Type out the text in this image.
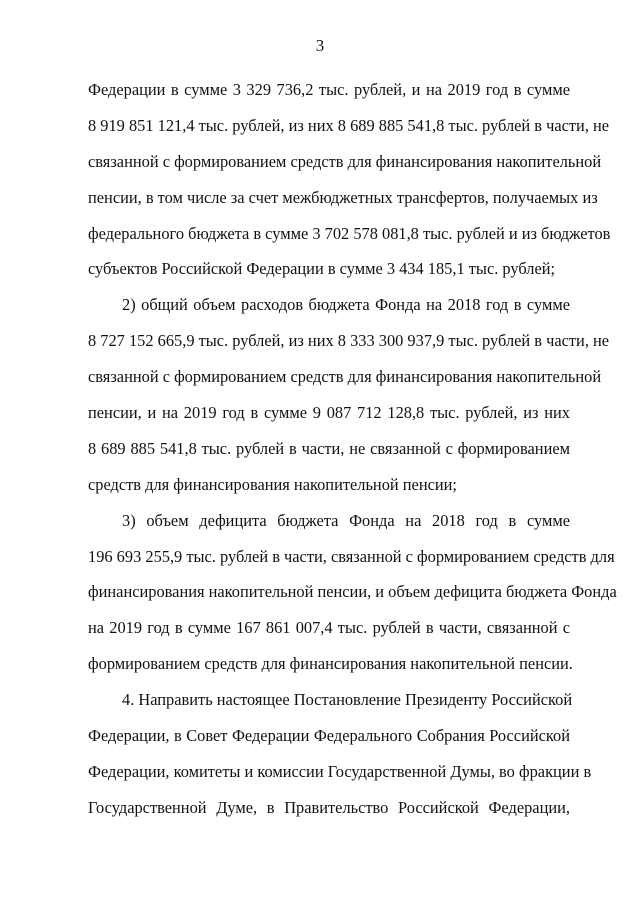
3
Федерации в сумме 3 329 736,2 тыс. рублей, и на 2019 год в сумме
8 919 851 121,4 тыс. рублей, из них 8 689 885 541,8 тыс. рублей в части, не
связанной с формированием средств для финансирования накопительной
пенсии, в том числе за счет межбюджетных трансфертов, получаемых из
федерального бюджета в сумме 3 702 578 081,8 тыс. рублей и из бюджетов
субъектов Российской Федерации в сумме 3 434 185,1 тыс. рублей;
2) общий объем расходов бюджета Фонда на 2018 год в сумме
8 727 152 665,9 тыс. рублей, из них 8 333 300 937,9 тыс. рублей в части, не
связанной с формированием средств для финансирования накопительной
пенсии, и на 2019 год в сумме 9 087 712 128,8 тыс. рублей, из них
8 689 885 541,8 тыс. рублей в части, не связанной с формированием
средств для финансирования накопительной пенсии;
3) объем дефицита бюджета Фонда на 2018 год в сумме
196 693 255,9 тыс. рублей в части, связанной с формированием средств для
финансирования накопительной пенсии, и объем дефицита бюджета Фонда
на 2019 год в сумме 167 861 007,4 тыс. рублей в части, связанной с
формированием средств для финансирования накопительной пенсии.
4. Направить настоящее Постановление Президенту Российской
Федерации, в Совет Федерации Федерального Собрания Российской
Федерации, комитеты и комиссии Государственной Думы, во фракции в
Государственной Думе, в Правительство Российской Федерации,
